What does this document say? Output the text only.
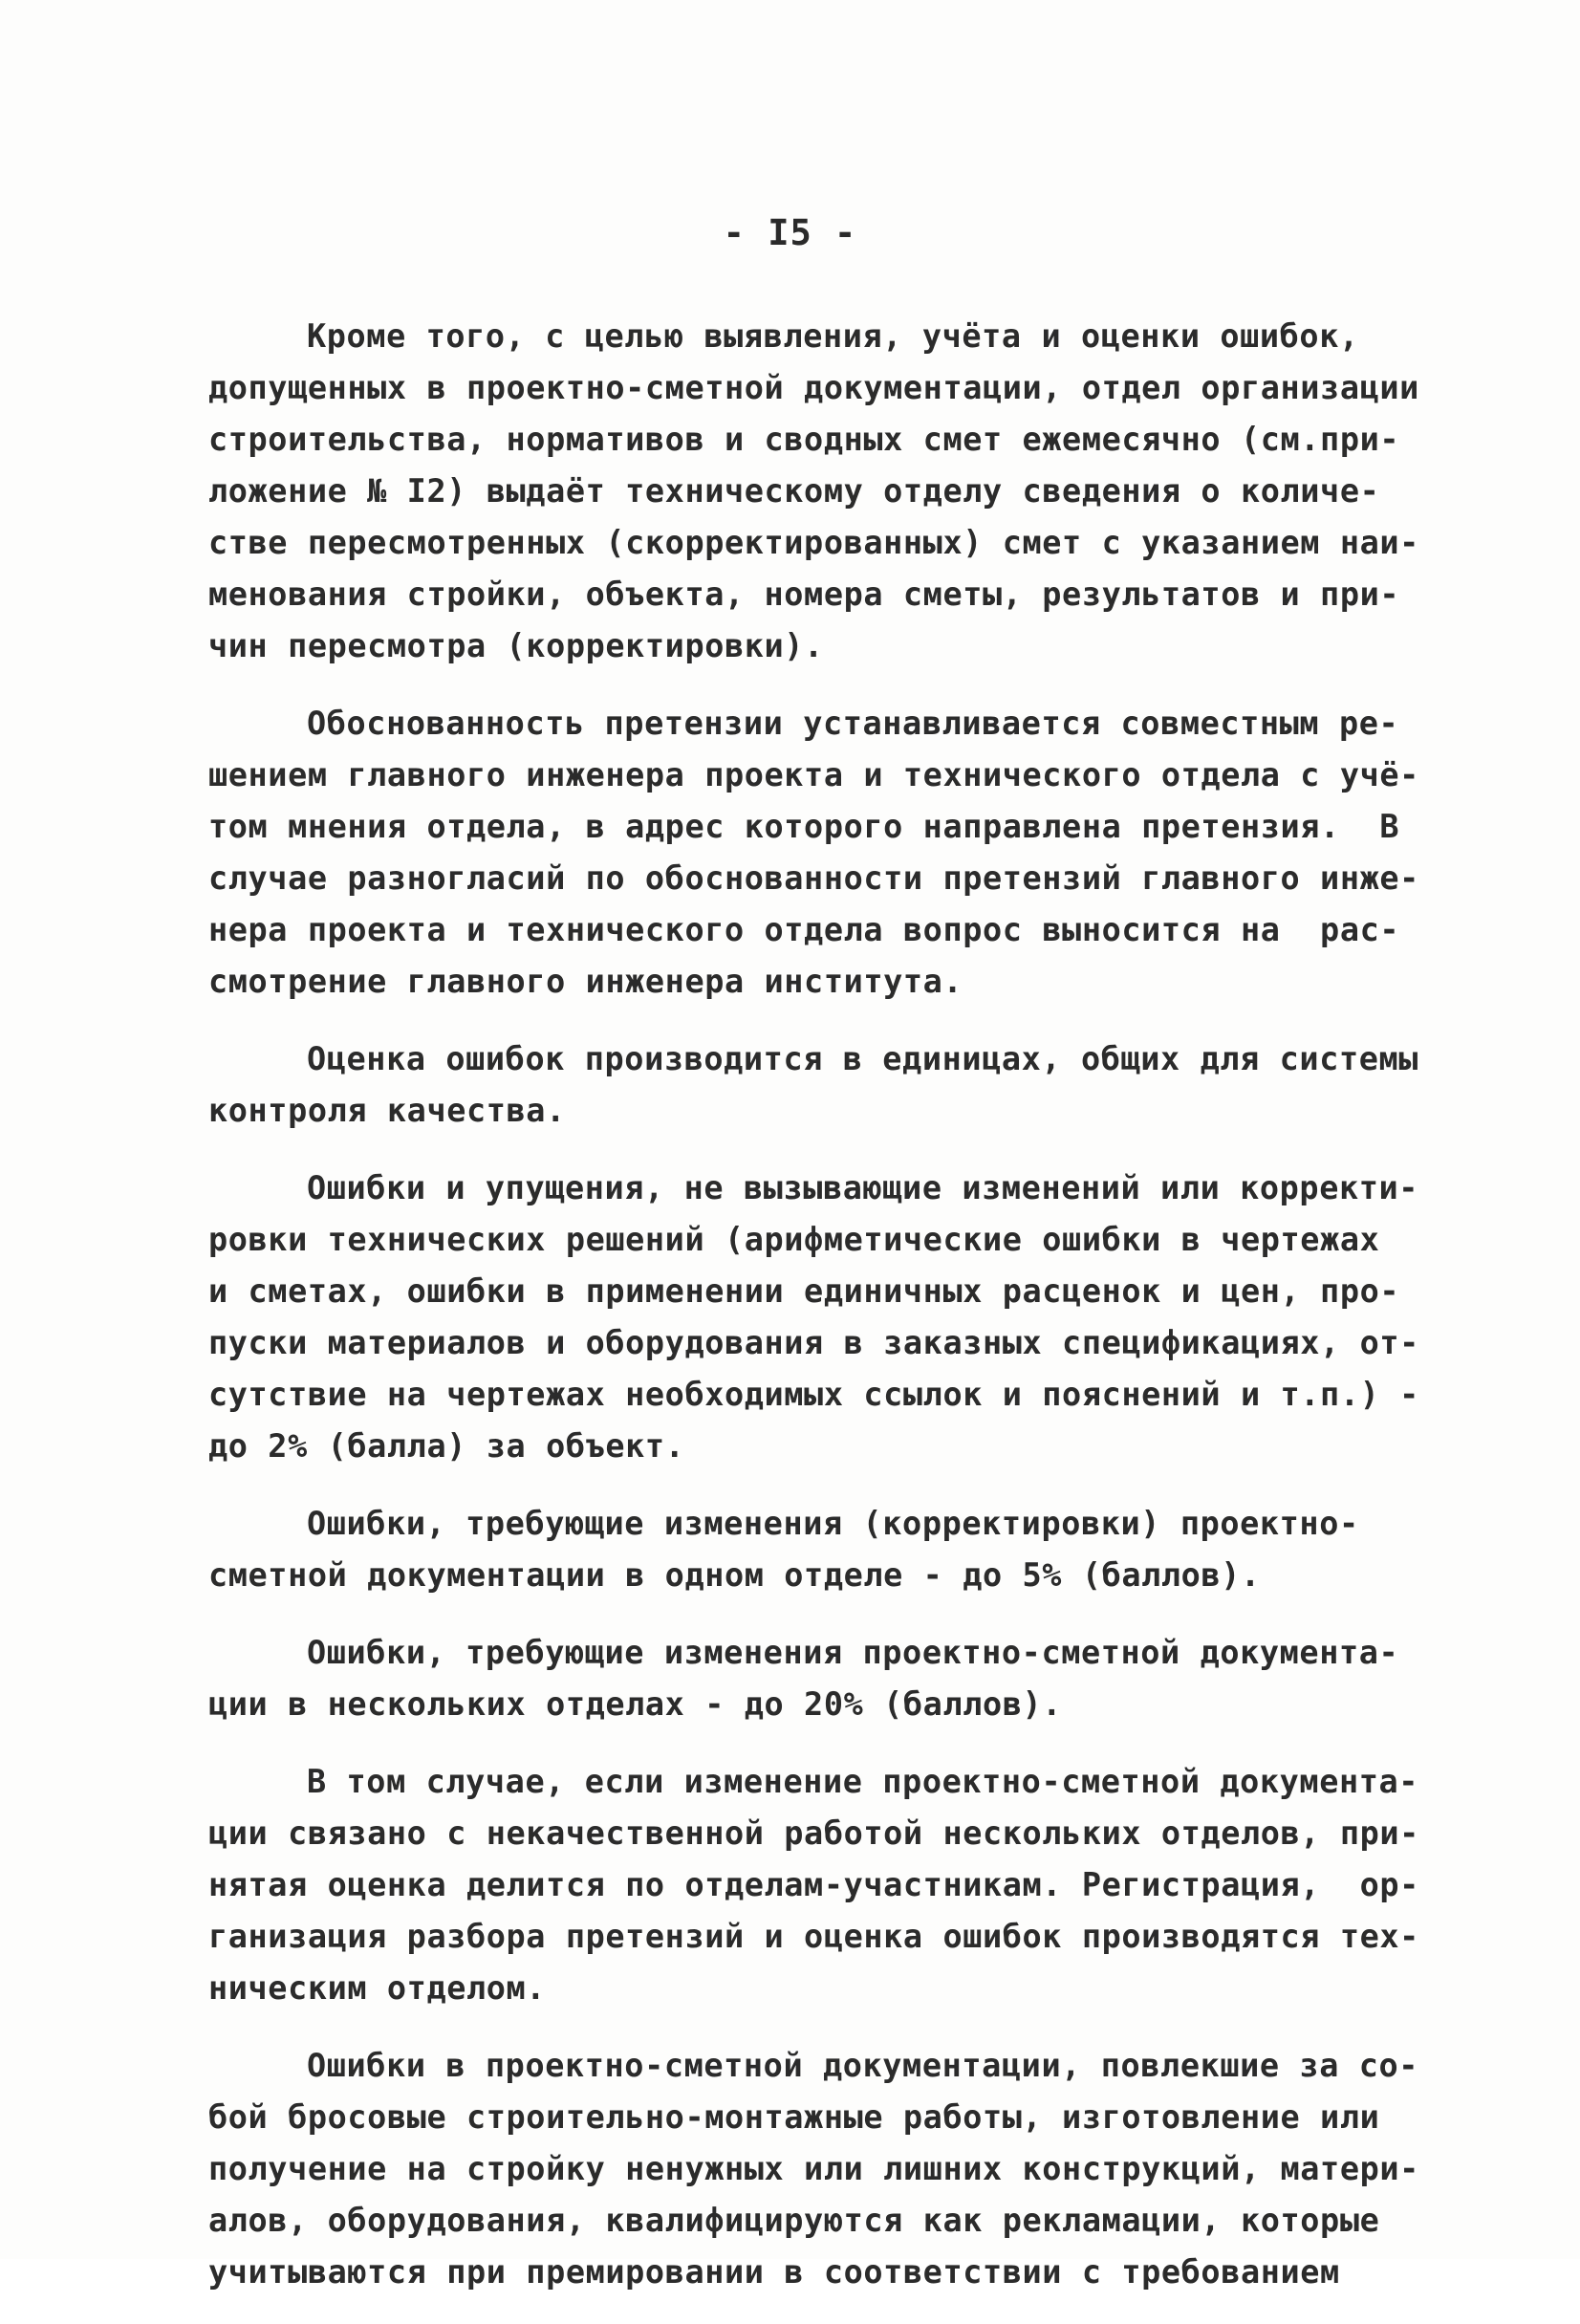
- I5 -
Кроме того, с целью выявления, учёта и оценки ошибок,
допущенных в проектно-сметной документации, отдел организации
строительства, нормативов и сводных смет ежемесячно (см.при-
ложение № I2) выдаёт техническому отделу сведения о количе-
стве пересмотренных (скорректированных) смет с указанием наи-
менования стройки, объекта, номера сметы, результатов и при-
чин пересмотра (корректировки).
Обоснованность претензии устанавливается совместным ре-
шением главного инженера проекта и технического отдела с учё-
том мнения отдела, в адрес которого направлена претензия.  В
случае разногласий по обоснованности претензий главного инже-
нера проекта и технического отдела вопрос выносится на  рас-
смотрение главного инженера института.
Оценка ошибок производится в единицах, общих для системы
контроля качества.
Ошибки и упущения, не вызывающие изменений или корректи-
ровки технических решений (арифметические ошибки в чертежах
и сметах, ошибки в применении единичных расценок и цен, про-
пуски материалов и оборудования в заказных спецификациях, от-
сутствие на чертежах необходимых ссылок и пояснений и т.п.) -
до 2% (балла) за объект.
Ошибки, требующие изменения (корректировки) проектно-
сметной документации в одном отделе - до 5% (баллов).
Ошибки, требующие изменения проектно-сметной документа-
ции в нескольких отделах - до 20% (баллов).
В том случае, если изменение проектно-сметной документа-
ции связано с некачественной работой нескольких отделов, при-
нятая оценка делится по отделам-участникам. Регистрация,  ор-
ганизация разбора претензий и оценка ошибок производятся тех-
ническим отделом.
Ошибки в проектно-сметной документации, повлекшие за со-
бой бросовые строительно-монтажные работы, изготовление или
получение на стройку ненужных или лишних конструкций, матери-
алов, оборудования, квалифицируются как рекламации, которые
учитываются при премировании в соответствии с требованием
